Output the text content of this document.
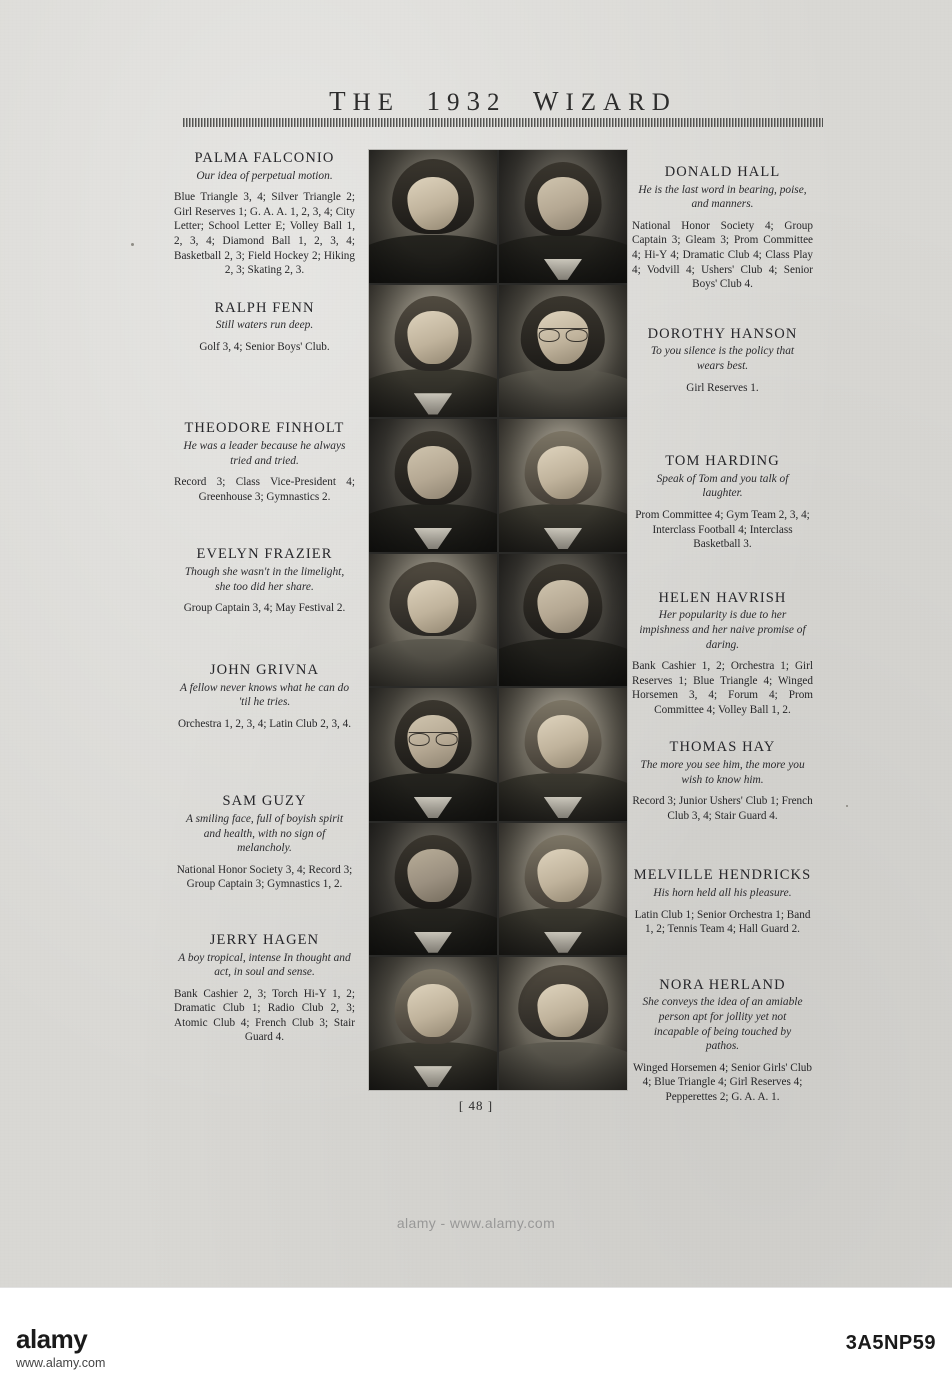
THE 1932 WIZARD
PALMA FALCONIO
Our idea of perpetual motion.
Blue Triangle 3, 4; Silver Triangle 2; Girl Reserves 1; G. A. A. 1, 2, 3, 4; City Letter; School Letter E; Volley Ball 1, 2, 3, 4; Diamond Ball 1, 2, 3, 4; Basketball 2, 3; Field Hockey 2; Hiking 2, 3; Skating 2, 3.
RALPH FENN
Still waters run deep.
Golf 3, 4; Senior Boys' Club.
THEODORE FINHOLT
He was a leader because he always tried and tried.
Record 3; Class Vice-President 4; Greenhouse 3; Gymnastics 2.
EVELYN FRAZIER
Though she wasn't in the limelight, she too did her share.
Group Captain 3, 4; May Festival 2.
JOHN GRIVNA
A fellow never knows what he can do 'til he tries.
Orchestra 1, 2, 3, 4; Latin Club 2, 3, 4.
SAM GUZY
A smiling face, full of boyish spirit and health, with no sign of melancholy.
National Honor Society 3, 4; Record 3; Group Captain 3; Gymnastics 1, 2.
JERRY HAGEN
A boy tropical, intense In thought and act, in soul and sense.
Bank Cashier 2, 3; Torch Hi-Y 1, 2; Dramatic Club 1; Radio Club 2, 3; Atomic Club 4; French Club 3; Stair Guard 4.
DONALD HALL
He is the last word in bearing, poise, and manners.
National Honor Society 4; Group Captain 3; Gleam 3; Prom Committee 4; Hi-Y 4; Dramatic Club 4; Class Play 4; Vodvill 4; Ushers' Club 4; Senior Boys' Club 4.
DOROTHY HANSON
To you silence is the policy that wears best.
Girl Reserves 1.
TOM HARDING
Speak of Tom and you talk of laughter.
Prom Committee 4; Gym Team 2, 3, 4; Interclass Football 4; Interclass Basketball 3.
HELEN HAVRISH
Her popularity is due to her impishness and her naive promise of daring.
Bank Cashier 1, 2; Orchestra 1; Girl Reserves 1; Blue Triangle 4; Winged Horsemen 3, 4; Forum 4; Prom Committee 4; Volley Ball 1, 2.
THOMAS HAY
The more you see him, the more you wish to know him.
Record 3; Junior Ushers' Club 1; French Club 3, 4; Stair Guard 4.
MELVILLE HENDRICKS
His horn held all his pleasure.
Latin Club 1; Senior Orchestra 1; Band 1, 2; Tennis Team 4; Hall Guard 2.
NORA HERLAND
She conveys the idea of an amiable person apt for jollity yet not incapable of being touched by pathos.
Winged Horsemen 4; Senior Girls' Club 4; Blue Triangle 4; Girl Reserves 4; Pepperettes 2; G. A. A. 1.
[ 48 ]
alamy - www.alamy.com
alamy
www.alamy.com
3A5NP59
